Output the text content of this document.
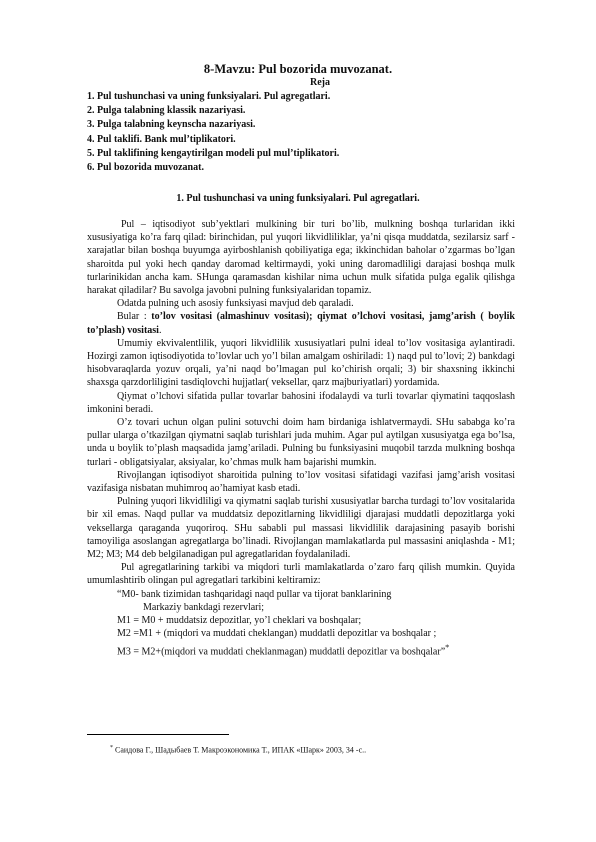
8-Mavzu: Pul bozorida muvozanat.
Reja
1. Pul tushunchasi va uning funksiyalari. Pul agregatlari.
2. Pulga talabning klassik nazariyasi.
3. Pulga talabning keynscha nazariyasi.
4. Pul taklifi. Bank mul’tiplikatori.
5. Pul taklifining kengaytirilgan modeli pul mul’tiplikatori.
6. Pul bozorida muvozanat.
1. Pul tushunchasi va uning funksiyalari. Pul agregatlari.

Pul – iqtisodiyot sub’yektlari mulkining bir turi bo’lib, mulkning boshqa turlaridan ikki xususiyatiga ko’ra farq qilad: birinchidan, pul yuqori likvidliliklar, ya’ni qisqa muddatda, sezilarsiz sarf - xarajatlar bilan boshqa buyumga ayirboshlanish qobiliyatiga ega; ikkinchidan baholar o’zgarmas bo’lgan sharoitda pul yoki hech qanday daromad keltirmaydi, yoki uning daromadliligi darajasi boshqa mulk turlarinikidan ancha kam. SHunga qaramasdan kishilar nima uchun mulk sifatida pulga egalik qilishga harakat qiladilar? Bu savolga javobni pulning funksiyalaridan topamiz.

Odatda pulning uch asosiy funksiyasi mavjud deb qaraladi.

Bular : to’lov vositasi (almashinuv vositasi); qiymat o’lchovi vositasi, jamg’arish ( boylik to’plash) vositasi.

Umumiy ekvivalentlilik, yuqori likvidlilik xususiyatlari pulni ideal to’lov vositasiga aylantiradi. Hozirgi zamon iqtisodiyotida to’lovlar uch yo’l bilan amalgam oshiriladi: 1) naqd pul to’lovi; 2) bankdagi hisobvaraqlarda yozuv orqali, ya’ni naqd bo’lmagan pul ko’chirish orqali; 3) bir shaxsning ikkinchi shaxsga qarzdorliligini tasdiqlovchi hujjatlar( veksellar, qarz majburiyatlari) yordamida.

Qiymat o’lchovi sifatida pullar tovarlar bahosini ifodalaydi va turli tovarlar qiymatini taqqoslash imkonini beradi.

O’z tovari uchun olgan pulini sotuvchi doim ham birdaniga ishlatvermaydi. SHu sababga ko’ra pullar ularga o’tkazilgan qiymatni saqlab turishlari juda muhim. Agar pul aytilgan xususiyatga ega bo’lsa, unda u boylik to’plash maqsadida jamg’ariladi. Pulning bu funksiyasini muqobil tarzda mulkning boshqa turlari - obligatsiyalar, aksiyalar, ko’chmas mulk ham bajarishi mumkin.

Rivojlangan iqtisodiyot sharoitida pulning to’lov vositasi sifatidagi vazifasi jamg’arish vositasi vazifasiga nisbatan muhimroq ao’hamiyat kasb etadi.

Pulning yuqori likvidliligi va qiymatni saqlab turishi xususiyatlar barcha turdagi to’lov vositalarida bir xil emas. Naqd pullar va muddatsiz depozitlarning likvidliligi djarajasi muddatli depozitlarga yoki veksellarga qaraganda yuqoriroq. SHu sababli pul massasi likvidlilik darajasining pasayib borishi tamoyiliga asoslangan agregatlarga bo’linadi. Rivojlangan mamlakatlarda pul massasini aniqlashda - M1; M2; M3; M4 deb belgilanadigan pul agregatlaridan foydalaniladi.

Pul agregatlarining tarkibi va miqdori turli mamlakatlarda o’zaro farq qilish mumkin. Quyida umumlashtirib olingan pul agregatlari tarkibini keltiramiz:

“M0- bank tizimidan tashqaridagi naqd pullar va tijorat banklarining
Markaziy bankdagi rezervlari;
M1 = M0 + muddatsiz depozitlar, yo’l cheklari va boshqalar;
M2 =M1 + (miqdori va muddati cheklangan) muddatli depozitlar va boshqalar ;
M3 = M2+(miqdori va muddati cheklanmagan) muddatli depozitlar va boshqalar”*
* Саидова Г., Шадыбаев Т. Макроэкономика Т., ИПАК «Шарк» 2003, 34 -с..
